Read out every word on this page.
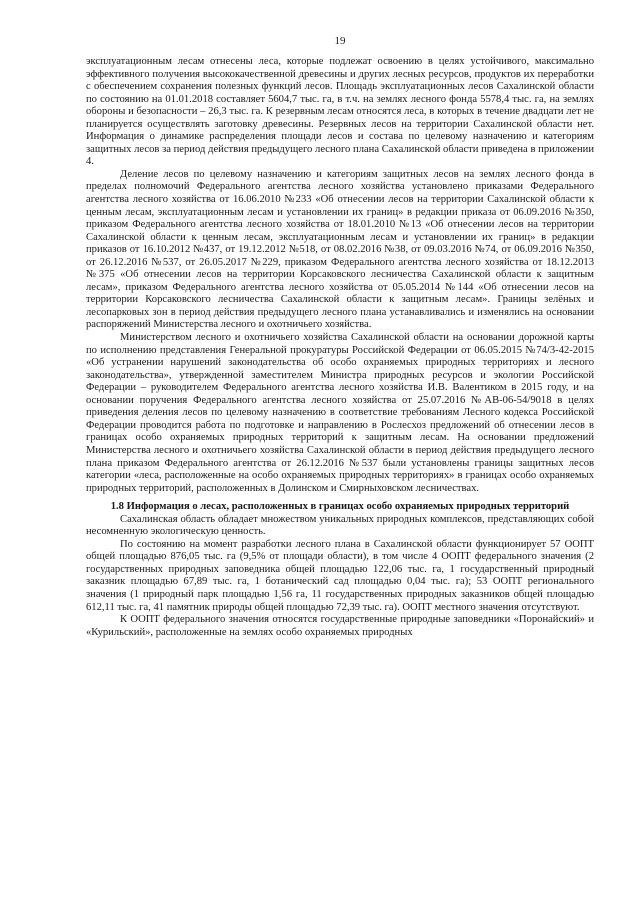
19

эксплуатационным лесам отнесены леса, которые подлежат освоению в целях устойчивого, максимально эффективного получения высококачественной древесины и других лесных ресурсов, продуктов их переработки с обеспечением сохранения полезных функций лесов. Площадь эксплуатационных лесов Сахалинской области по состоянию на 01.01.2018 составляет 5604,7 тыс. га, в т.ч. на землях лесного фонда 5578,4 тыс. га, на землях обороны и безопасности – 26,3 тыс. га. К резервным лесам относятся леса, в которых в течение двадцати лет не планируется осуществлять заготовку древесины. Резервных лесов на территории Сахалинской области нет. Информация о динамике распределения площади лесов и состава по целевому назначению и категориям защитных лесов за период действия предыдущего лесного плана Сахалинской области приведена в приложении 4.

Деление лесов по целевому назначению и категориям защитных лесов на землях лесного фонда в пределах полномочий Федерального агентства лесного хозяйства установлено приказами Федерального агентства лесного хозяйства от 16.06.2010 №233 «Об отнесении лесов на территории Сахалинской области к ценным лесам, эксплуатационным лесам и установлении их границ» в редакции приказа от 06.09.2016 №350, приказом Федерального агентства лесного хозяйства от 18.01.2010 №13 «Об отнесении лесов на территории Сахалинской области к ценным лесам, эксплуатационным лесам и установлении их границ» в редакции приказов от 16.10.2012 №437, от 19.12.2012 №518, от 08.02.2016 №38, от 09.03.2016 №74, от 06.09.2016 №350, от 26.12.2016 №537, от 26.05.2017 №229, приказом Федерального агентства лесного хозяйства от 18.12.2013 №375 «Об отнесении лесов на территории Корсаковского лесничества Сахалинской области к защитным лесам», приказом Федерального агентства лесного хозяйства от 05.05.2014 №144 «Об отнесении лесов на территории Корсаковского лесничества Сахалинской области к защитным лесам». Границы зелёных и лесопарковых зон в период действия предыдущего лесного плана устанавливались и изменялись на основании распоряжений Министерства лесного и охотничьего хозяйства.

Министерством лесного и охотничьего хозяйства Сахалинской области на основании дорожной карты по исполнению представления Генеральной прокуратуры Российской Федерации от 06.05.2015 №74/3-42-2015 «Об устранении нарушений законодательства об особо охраняемых природных территориях и лесного законодательства», утвержденной заместителем Министра природных ресурсов и экологии Российской Федерации – руководителем Федерального агентства лесного хозяйства И.В. Валентиком в 2015 году, и на основании поручения Федерального агентства лесного хозяйства от 25.07.2016 №АВ-06-54/9018 в целях приведения деления лесов по целевому назначению в соответствие требованиям Лесного кодекса Российской Федерации проводится работа по подготовке и направлению в Рослесхоз предложений об отнесении лесов в границах особо охраняемых природных территорий к защитным лесам. На основании предложений Министерства лесного и охотничьего хозяйства Сахалинской области в период действия предыдущего лесного плана приказом Федерального агентства от 26.12.2016 №537 были установлены границы защитных лесов категории «леса, расположенные на особо охраняемых природных территориях» в границах особо охраняемых природных территорий, расположенных в Долинском и Смирныховском лесничествах.

1.8 Информация о лесах, расположенных в границах особо охраняемых природных территорий

Сахалинская область обладает множеством уникальных природных комплексов, представляющих собой несомненную экологическую ценность.

По состоянию на момент разработки лесного плана в Сахалинской области функционирует 57 ООПТ общей площадью 876,05 тыс. га (9,5% от площади области), в том числе 4 ООПТ федерального значения (2 государственных природных заповедника общей площадью 122,06 тыс. га, 1 государственный природный заказник площадью 67,89 тыс. га, 1 ботанический сад площадью 0,04 тыс. га); 53 ООПТ регионального значения (1 природный парк площадью 1,56 га, 11 государственных природных заказников общей площадью 612,11 тыс. га, 41 памятник природы общей площадью 72,39 тыс. га). ООПТ местного значения отсутствуют.

К ООПТ федерального значения относятся государственные природные заповедники «Поронайский» и «Курильский», расположенные на землях особо охраняемых природных
